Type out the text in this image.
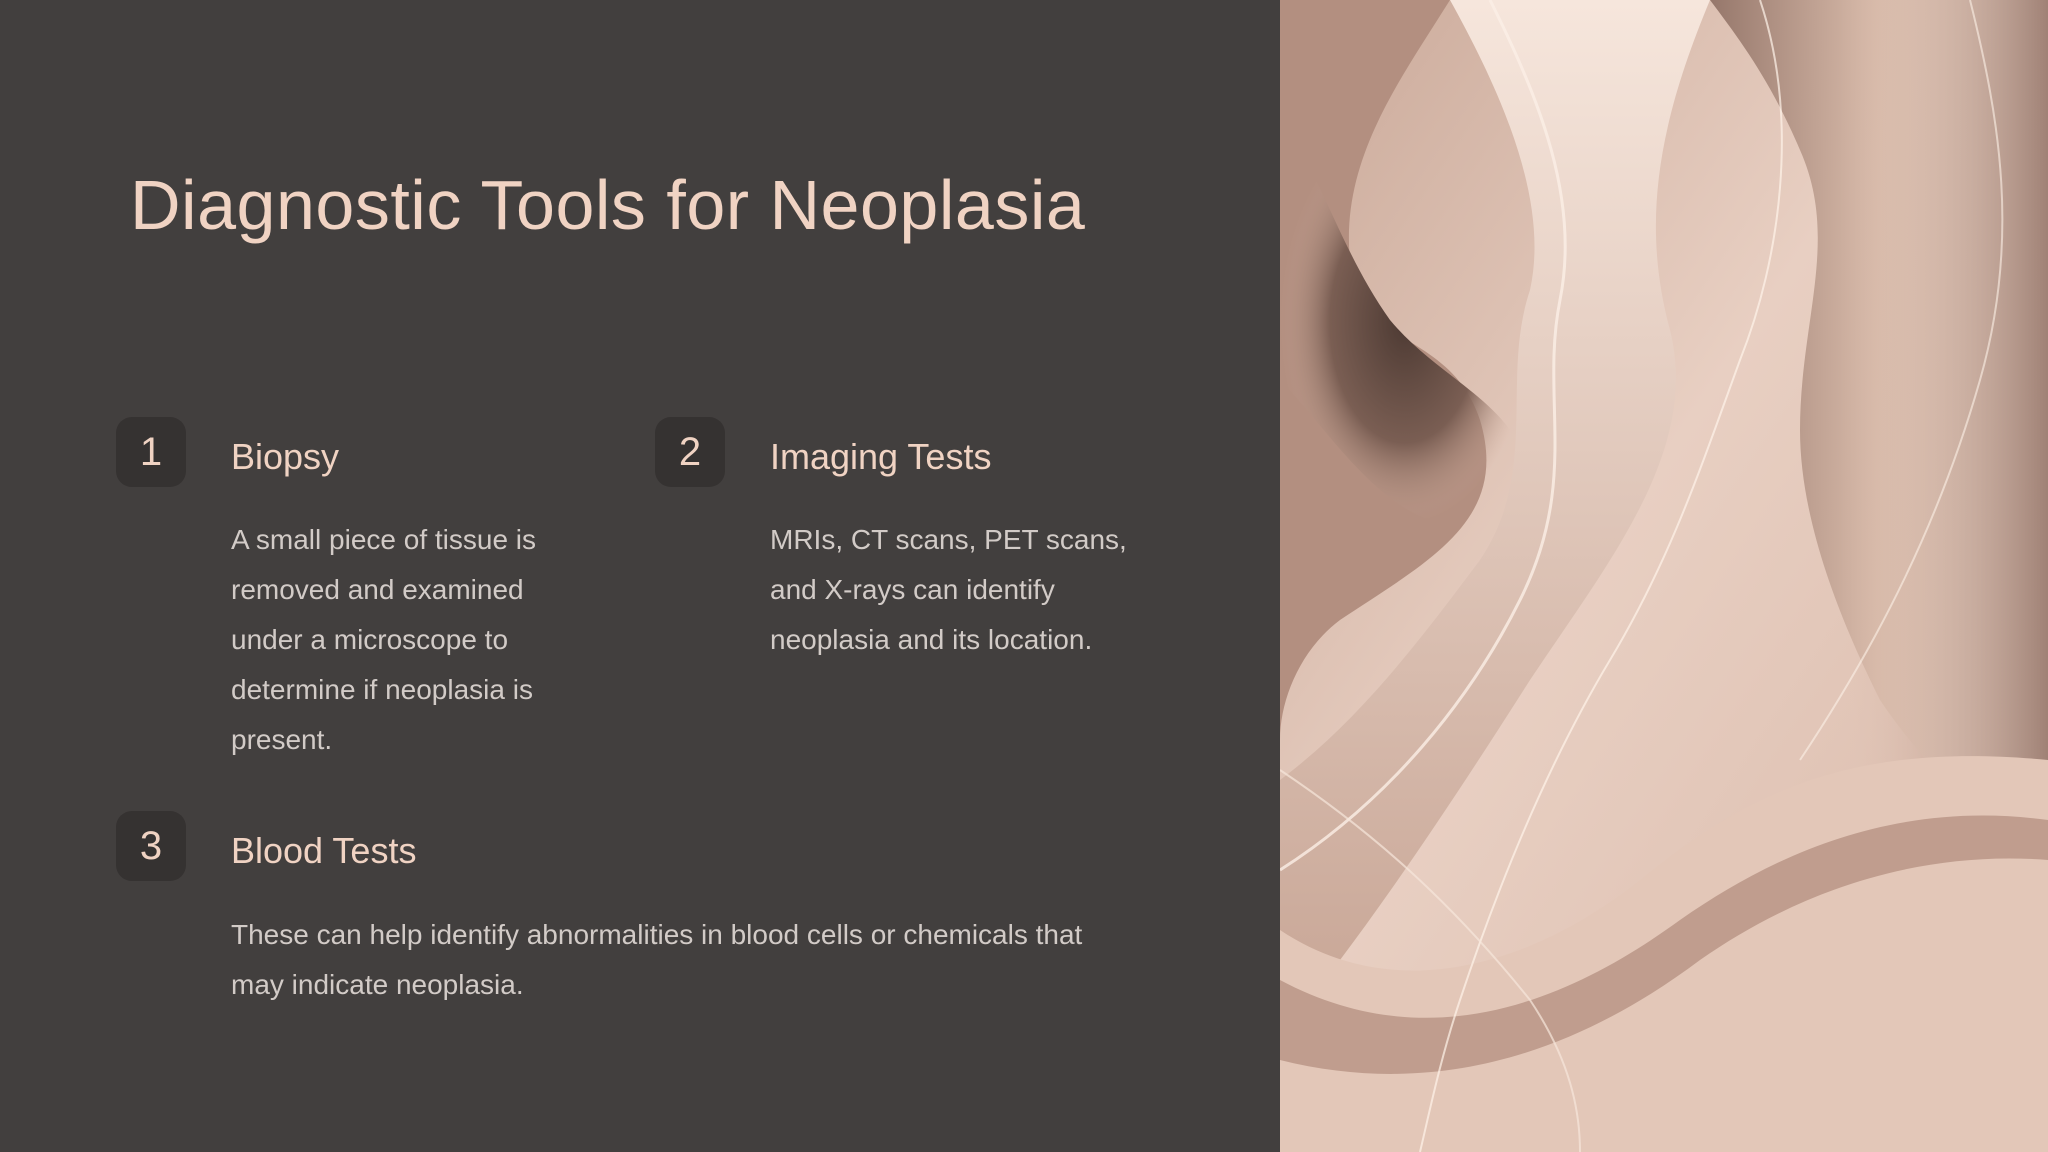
Diagnostic Tools for Neoplasia
1	Biopsy

A small piece of tissue is removed and examined under a microscope to determine if neoplasia is present.

2	Imaging Tests

MRIs, CT scans, PET scans, and X-rays can identify neoplasia and its location.

3	Blood Tests

These can help identify abnormalities in blood cells or chemicals that may indicate neoplasia.
